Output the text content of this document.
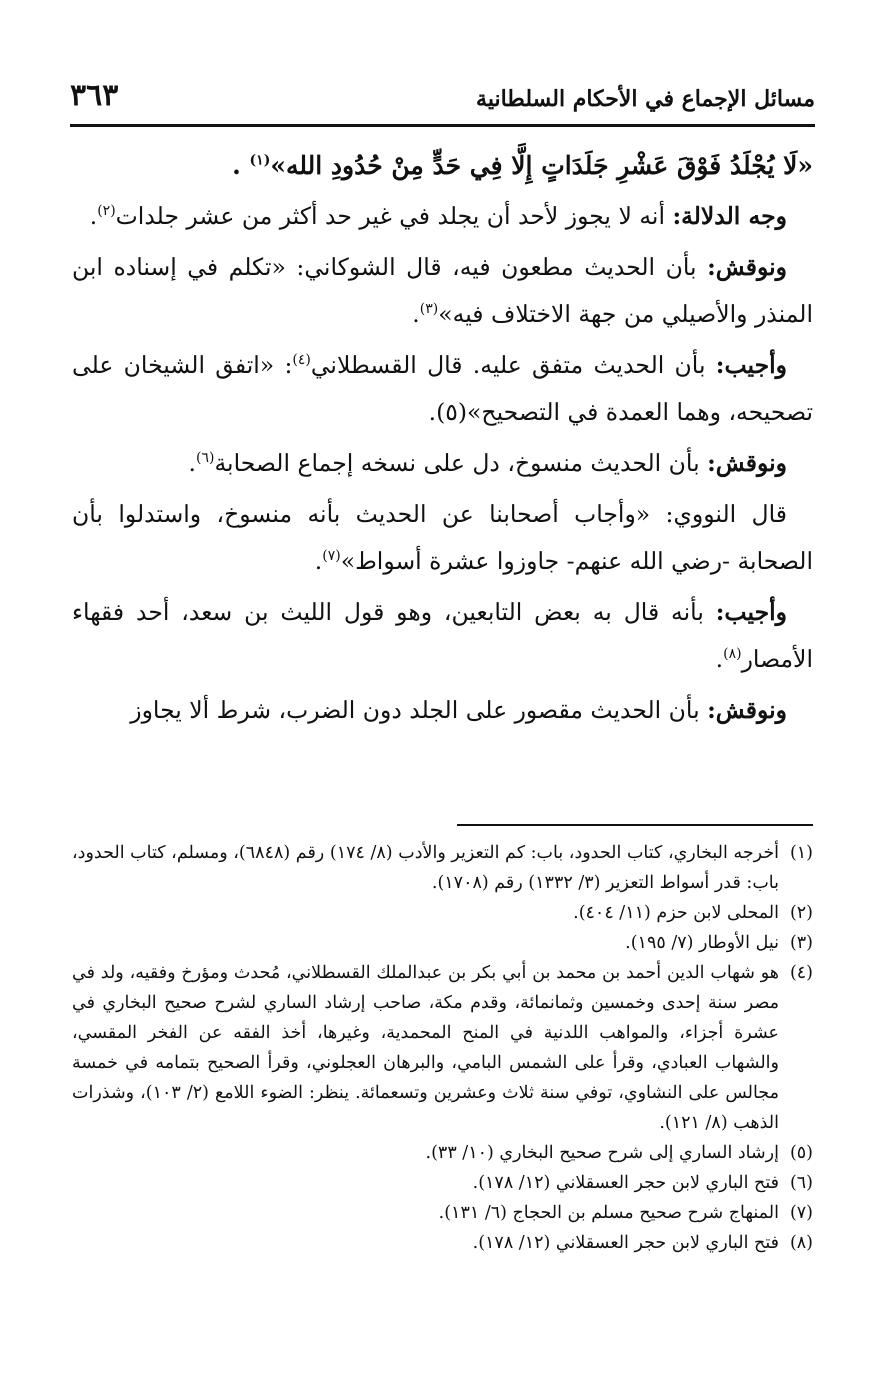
مسائل الإجماع في الأحكام السلطانية
٣٦٣

«لَا يُجْلَدُ فَوْقَ عَشْرِ جَلَدَاتٍ إِلَّا فِي حَدٍّ مِنْ حُدُودِ الله»$^{(١)}$ .

وجه الدلالة: أنه لا يجوز لأحد أن يجلد في غير حد أكثر من عشر جلدات$^{(٢)}$.

ونوقش: بأن الحديث مطعون فيه، قال الشوكاني: «تكلم في إسناده ابن المنذر والأصيلي من جهة الاختلاف فيه»$^{(٣)}$.

وأجيب: بأن الحديث متفق عليه. قال القسطلاني$^{(٤)}$: «اتفق الشيخان على تصحيحه، وهما العمدة في التصحيح»(٥).

ونوقش: بأن الحديث منسوخ، دل على نسخه إجماع الصحابة$^{(٦)}$.

قال النووي: «وأجاب أصحابنا عن الحديث بأنه منسوخ، واستدلوا بأن الصحابة -رضي الله عنهم- جاوزوا عشرة أسواط»$^{(٧)}$.

وأجيب: بأنه قال به بعض التابعين، وهو قول الليث بن سعد، أحد فقهاء الأمصار$^{(٨)}$.

ونوقش: بأن الحديث مقصور على الجلد دون الضرب، شرط ألا يجاوز

(١)
أخرجه البخاري، كتاب الحدود، باب: كم التعزير والأدب (٨/ ١٧٤) رقم (٦٨٤٨)، ومسلم، كتاب الحدود، باب: قدر أسواط التعزير (٣/ ١٣٣٢) رقم (١٧٠٨).
(٢)
المحلى لابن حزم (١١/ ٤٠٤).
(٣)
نيل الأوطار (٧/ ١٩٥).
(٤)
هو شهاب الدين أحمد بن محمد بن أبي بكر بن عبدالملك القسطلاني، مُحدث ومؤرخ وفقيه، ولد في مصر سنة إحدى وخمسين وثمانمائة، وقدم مكة، صاحب إرشاد الساري لشرح صحيح البخاري في عشرة أجزاء، والمواهب اللدنية في المنح المحمدية، وغيرها، أخذ الفقه عن الفخر المقسي، والشهاب العبادي، وقرأ على الشمس البامي، والبرهان العجلوني، وقرأ الصحيح بتمامه في خمسة مجالس على النشاوي، توفي سنة ثلاث وعشرين وتسعمائة. ينظر: الضوء اللامع (٢/ ١٠٣)، وشذرات الذهب (٨/ ١٢١).
(٥)
إرشاد الساري إلى شرح صحيح البخاري (١٠/ ٣٣).
(٦)
فتح الباري لابن حجر العسقلاني (١٢/ ١٧٨).
(٧)
المنهاج شرح صحيح مسلم بن الحجاج (٦/ ١٣١).
(٨)
فتح الباري لابن حجر العسقلاني (١٢/ ١٧٨).
